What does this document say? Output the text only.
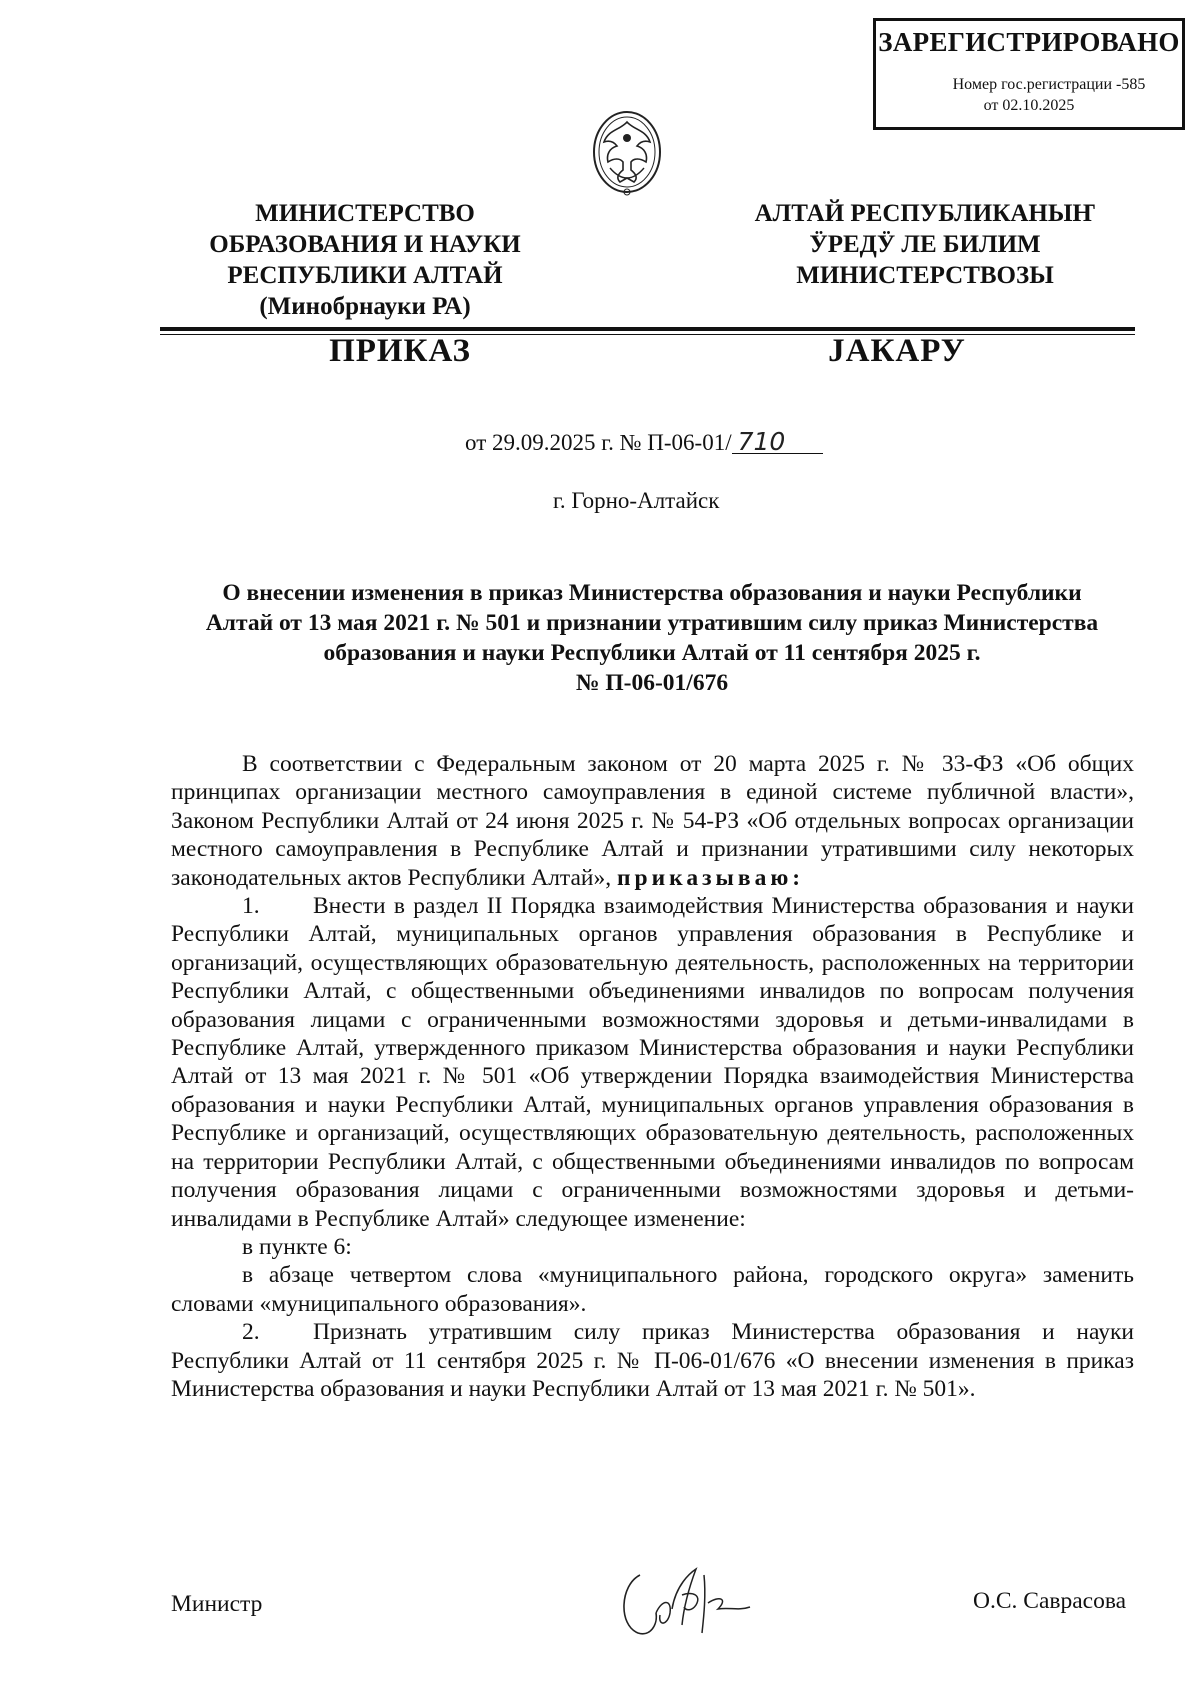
ЗАРЕГИСТРИРОВАНО
Номер гос.регистрации -585
от 02.10.2025
МИНИСТЕРСТВО
ОБРАЗОВАНИЯ И НАУКИ
РЕСПУБЛИКИ АЛТАЙ
(Минобрнауки РА)
АЛТАЙ РЕСПУБЛИКАНЫҤ
ӰРЕДӰ ЛЕ БИЛИМ
МИНИСТЕРСТВОЗЫ
ПРИКАЗ	JАКАРУ
от 29.09.2025 г. № П-06-01/ 710
г. Горно-Алтайск
О внесении изменения в приказ Министерства образования и науки Республики
Алтай от 13 мая 2021 г. № 501 и признании утратившим силу приказ Министерства
образования и науки Республики Алтай от 11 сентября 2025 г.
№ П-06-01/676

В соответствии с Федеральным законом от 20 марта 2025 г. № 33-ФЗ «Об общих принципах организации местного самоуправления в единой системе публичной власти», Законом Республики Алтай от 24 июня 2025 г. № 54-РЗ «Об отдельных вопросах организации местного самоуправления в Республике Алтай и признании утратившими силу некоторых законодательных актов Республики Алтай», приказываю:

1. Внести в раздел II Порядка взаимодействия Министерства образования и науки Республики Алтай, муниципальных органов управления образования в Республике и организаций, осуществляющих образовательную деятельность, расположенных на территории Республики Алтай, с общественными объединениями инвалидов по вопросам получения образования лицами с ограниченными возможностями здоровья и детьми-инвалидами в Республике Алтай, утвержденного приказом Министерства образования и науки Республики Алтай от 13 мая 2021 г. № 501 «Об утверждении Порядка взаимодействия Министерства образования и науки Республики Алтай, муниципальных органов управления образования в Республике и организаций, осуществляющих образовательную деятельность, расположенных на территории Республики Алтай, с общественными объединениями инвалидов по вопросам получения образования лицами с ограниченными возможностями здоровья и детьми-инвалидами в Республике Алтай» следующее изменение:

в пункте 6:

в абзаце четвертом слова «муниципального района, городского округа» заменить словами «муниципального образования».

2. Признать утратившим силу приказ Министерства образования и науки Республики Алтай от 11 сентября 2025 г. № П-06-01/676 «О внесении изменения в приказ Министерства образования и науки Республики Алтай от 13 мая 2021 г. № 501».

Министр	О.С. Саврасова
